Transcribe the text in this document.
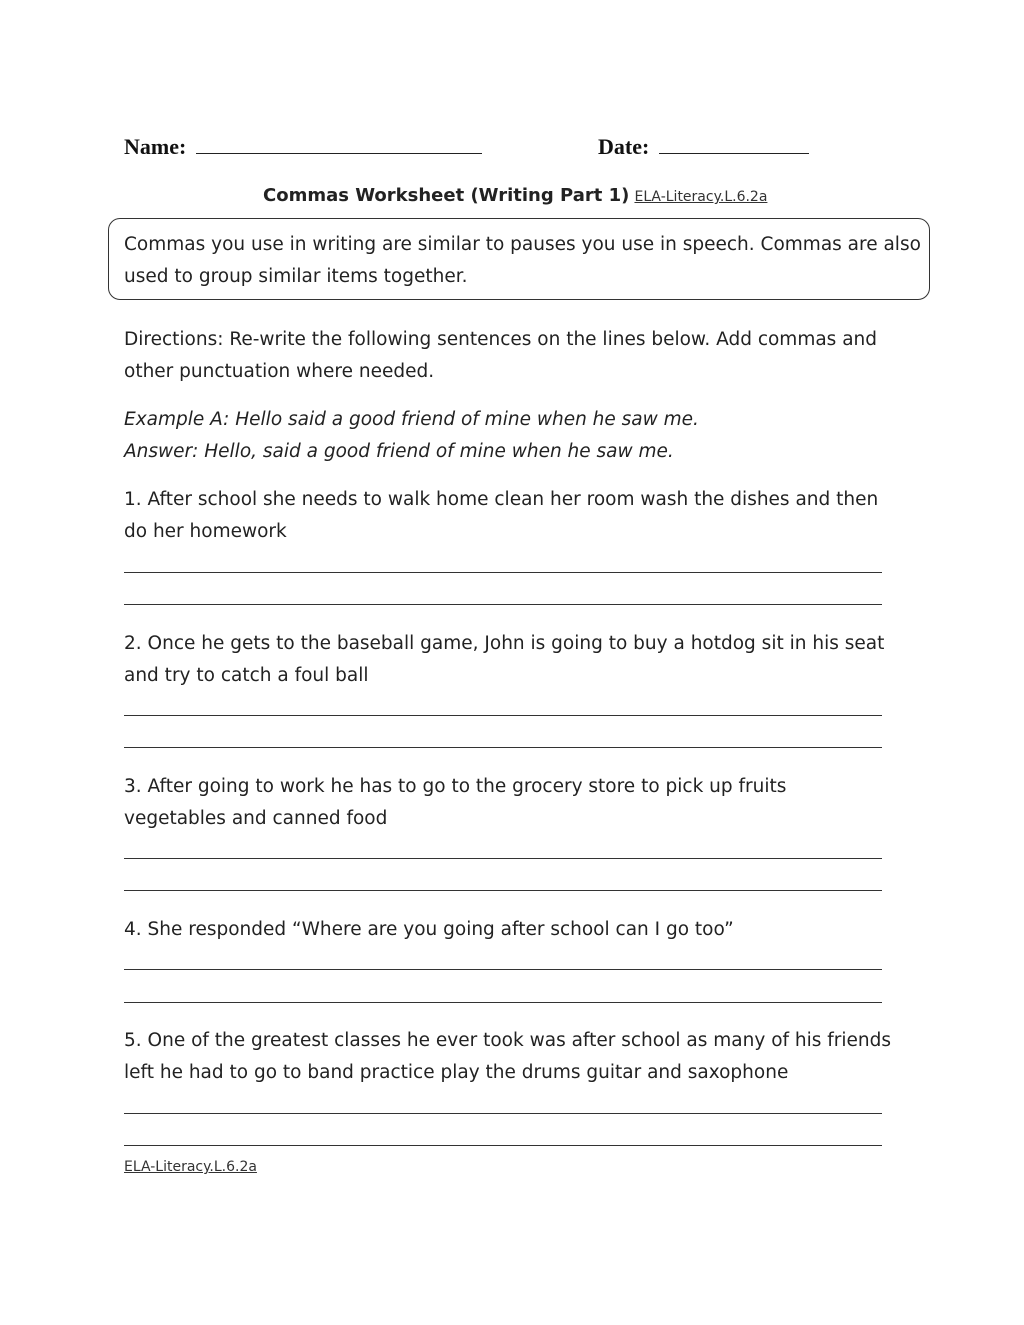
Name:	Date:
Commas Worksheet (Writing Part 1) ELA-Literacy.L.6.2a
Commas you use in writing are similar to pauses you use in speech. Commas are also used to group similar items together.
Directions: Re-write the following sentences on the lines below. Add commas and other punctuation where needed.
Example A: Hello said a good friend of mine when he saw me.
Answer: Hello, said a good friend of mine when he saw me.
1. After school she needs to walk home clean her room wash the dishes and then do her homework
2. Once he gets to the baseball game, John is going to buy a hotdog sit in his seat and try to catch a foul ball
3. After going to work he has to go to the grocery store to pick up fruits vegetables and canned food
4. She responded “Where are you going after school can I go too”
5. One of the greatest classes he ever took was after school as many of his friends left he had to go to band practice play the drums guitar and saxophone
ELA-Literacy.L.6.2a
